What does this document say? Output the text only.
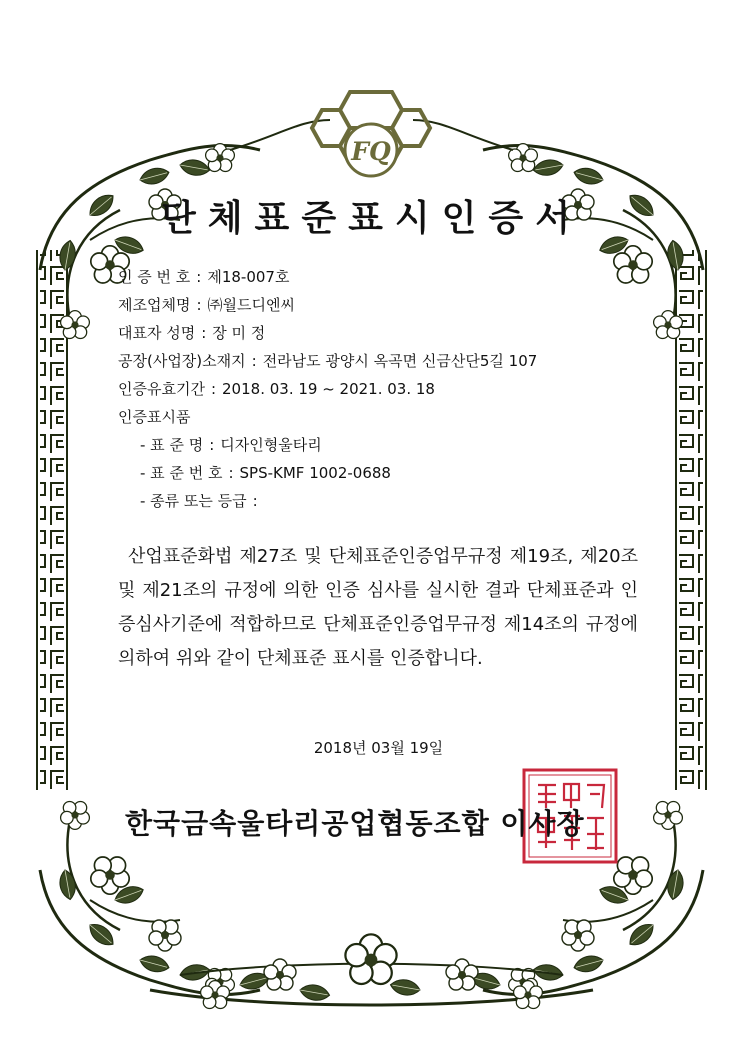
FQ
단체표준표시인증서
인 증 번 호 : 제18-007호
제조업체명 : ㈜월드디엔씨
대표자 성명 : 장 미 정
공장(사업장)소재지 : 전라남도 광양시 옥곡면 신금산단5길 107
인증유효기간 : 2018. 03. 19 ~ 2021. 03. 18
인증표시품
- 표 준 명 : 디자인형울타리
- 표 준 번 호 : SPS-KMF 1002-0688
- 종류 또는 등급 :

산업표준화법 제27조 및 단체표준인증업무규정 제19조, 제20조 및 제21조의 규정에 의한 인증 심사를 실시한 결과 단체표준과 인증심사기준에 적합하므로 단체표준인증업무규정 제14조의 규정에 의하여 위와 같이 단체표준 표시를 인증합니다.

2018년 03월 19일
한국금속울타리공업협동조합 이사장
